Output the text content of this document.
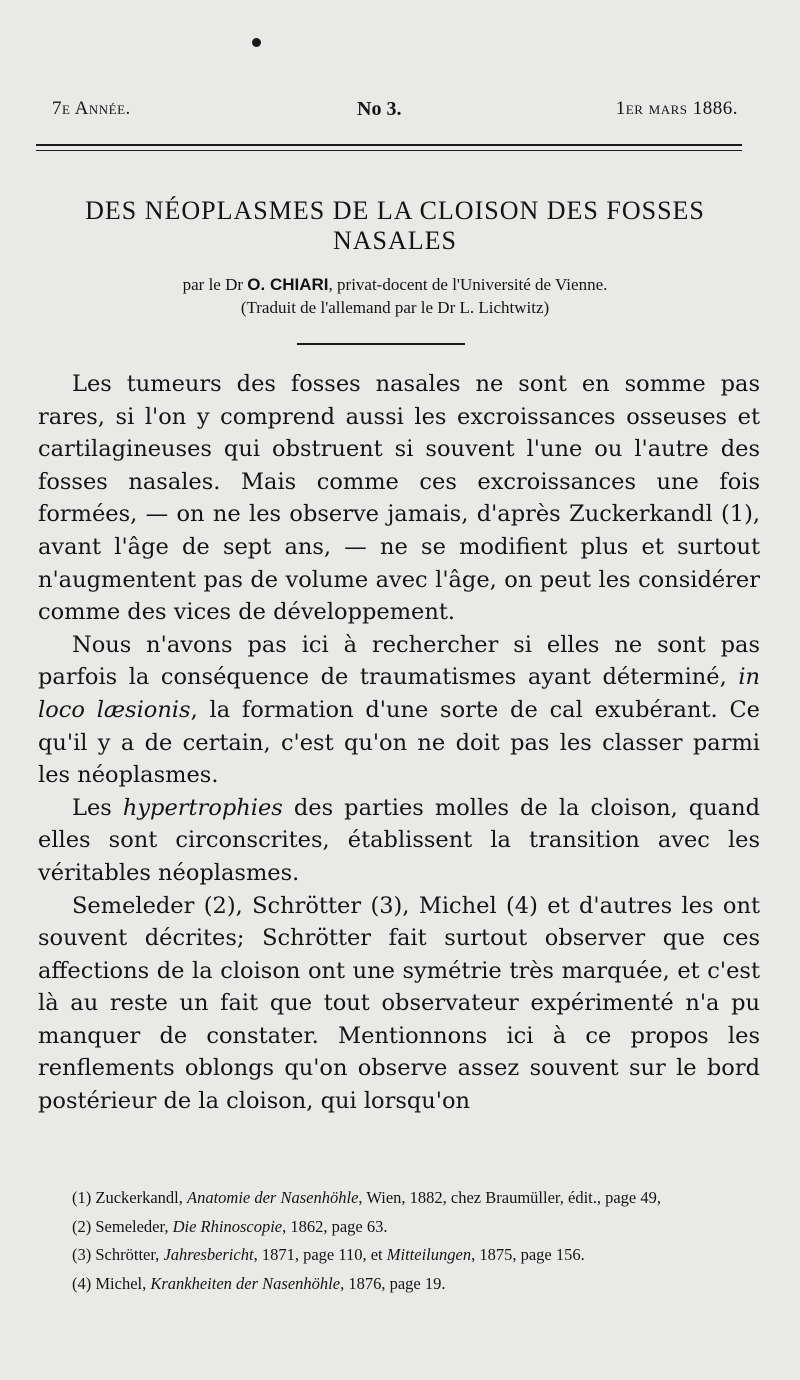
7e Année.	No 3.	1er mars 1886.
DES NÉOPLASMES DE LA CLOISON DES FOSSES
NASALES
par le Dr O. CHIARI, privat-docent de l'Université de Vienne.
(Traduit de l'allemand par le Dr L. Lichtwitz)

Les tumeurs des fosses nasales ne sont en somme pas rares, si l'on y comprend aussi les excroissances osseuses et cartilagineuses qui obstruent si souvent l'une ou l'autre des fosses nasales. Mais comme ces excroissances une fois formées, — on ne les observe jamais, d'après Zuckerkandl (1), avant l'âge de sept ans, — ne se modifient plus et surtout n'augmentent pas de volume avec l'âge, on peut les considérer comme des vices de développement.

Nous n'avons pas ici à rechercher si elles ne sont pas parfois la conséquence de traumatismes ayant déterminé, in loco læsionis, la formation d'une sorte de cal exubérant. Ce qu'il y a de certain, c'est qu'on ne doit pas les classer parmi les néoplasmes.

Les hypertrophies des parties molles de la cloison, quand elles sont circonscrites, établissent la transition avec les véritables néoplasmes.

Semeleder (2), Schrötter (3), Michel (4) et d'autres les ont souvent décrites; Schrötter fait surtout observer que ces affections de la cloison ont une symétrie très marquée, et c'est là au reste un fait que tout observateur expérimenté n'a pu manquer de constater. Mentionnons ici à ce propos les renflements oblongs qu'on observe assez souvent sur le bord postérieur de la cloison, qui lorsqu'on

(1) Zuckerkandl, Anatomie der Nasenhöhle, Wien, 1882, chez Braumüller, édit., page 49,

(2) Semeleder, Die Rhinoscopie, 1862, page 63.

(3) Schrötter, Jahresbericht, 1871, page 110, et Mitteilungen, 1875, page 156.

(4) Michel, Krankheiten der Nasenhöhle, 1876, page 19.
